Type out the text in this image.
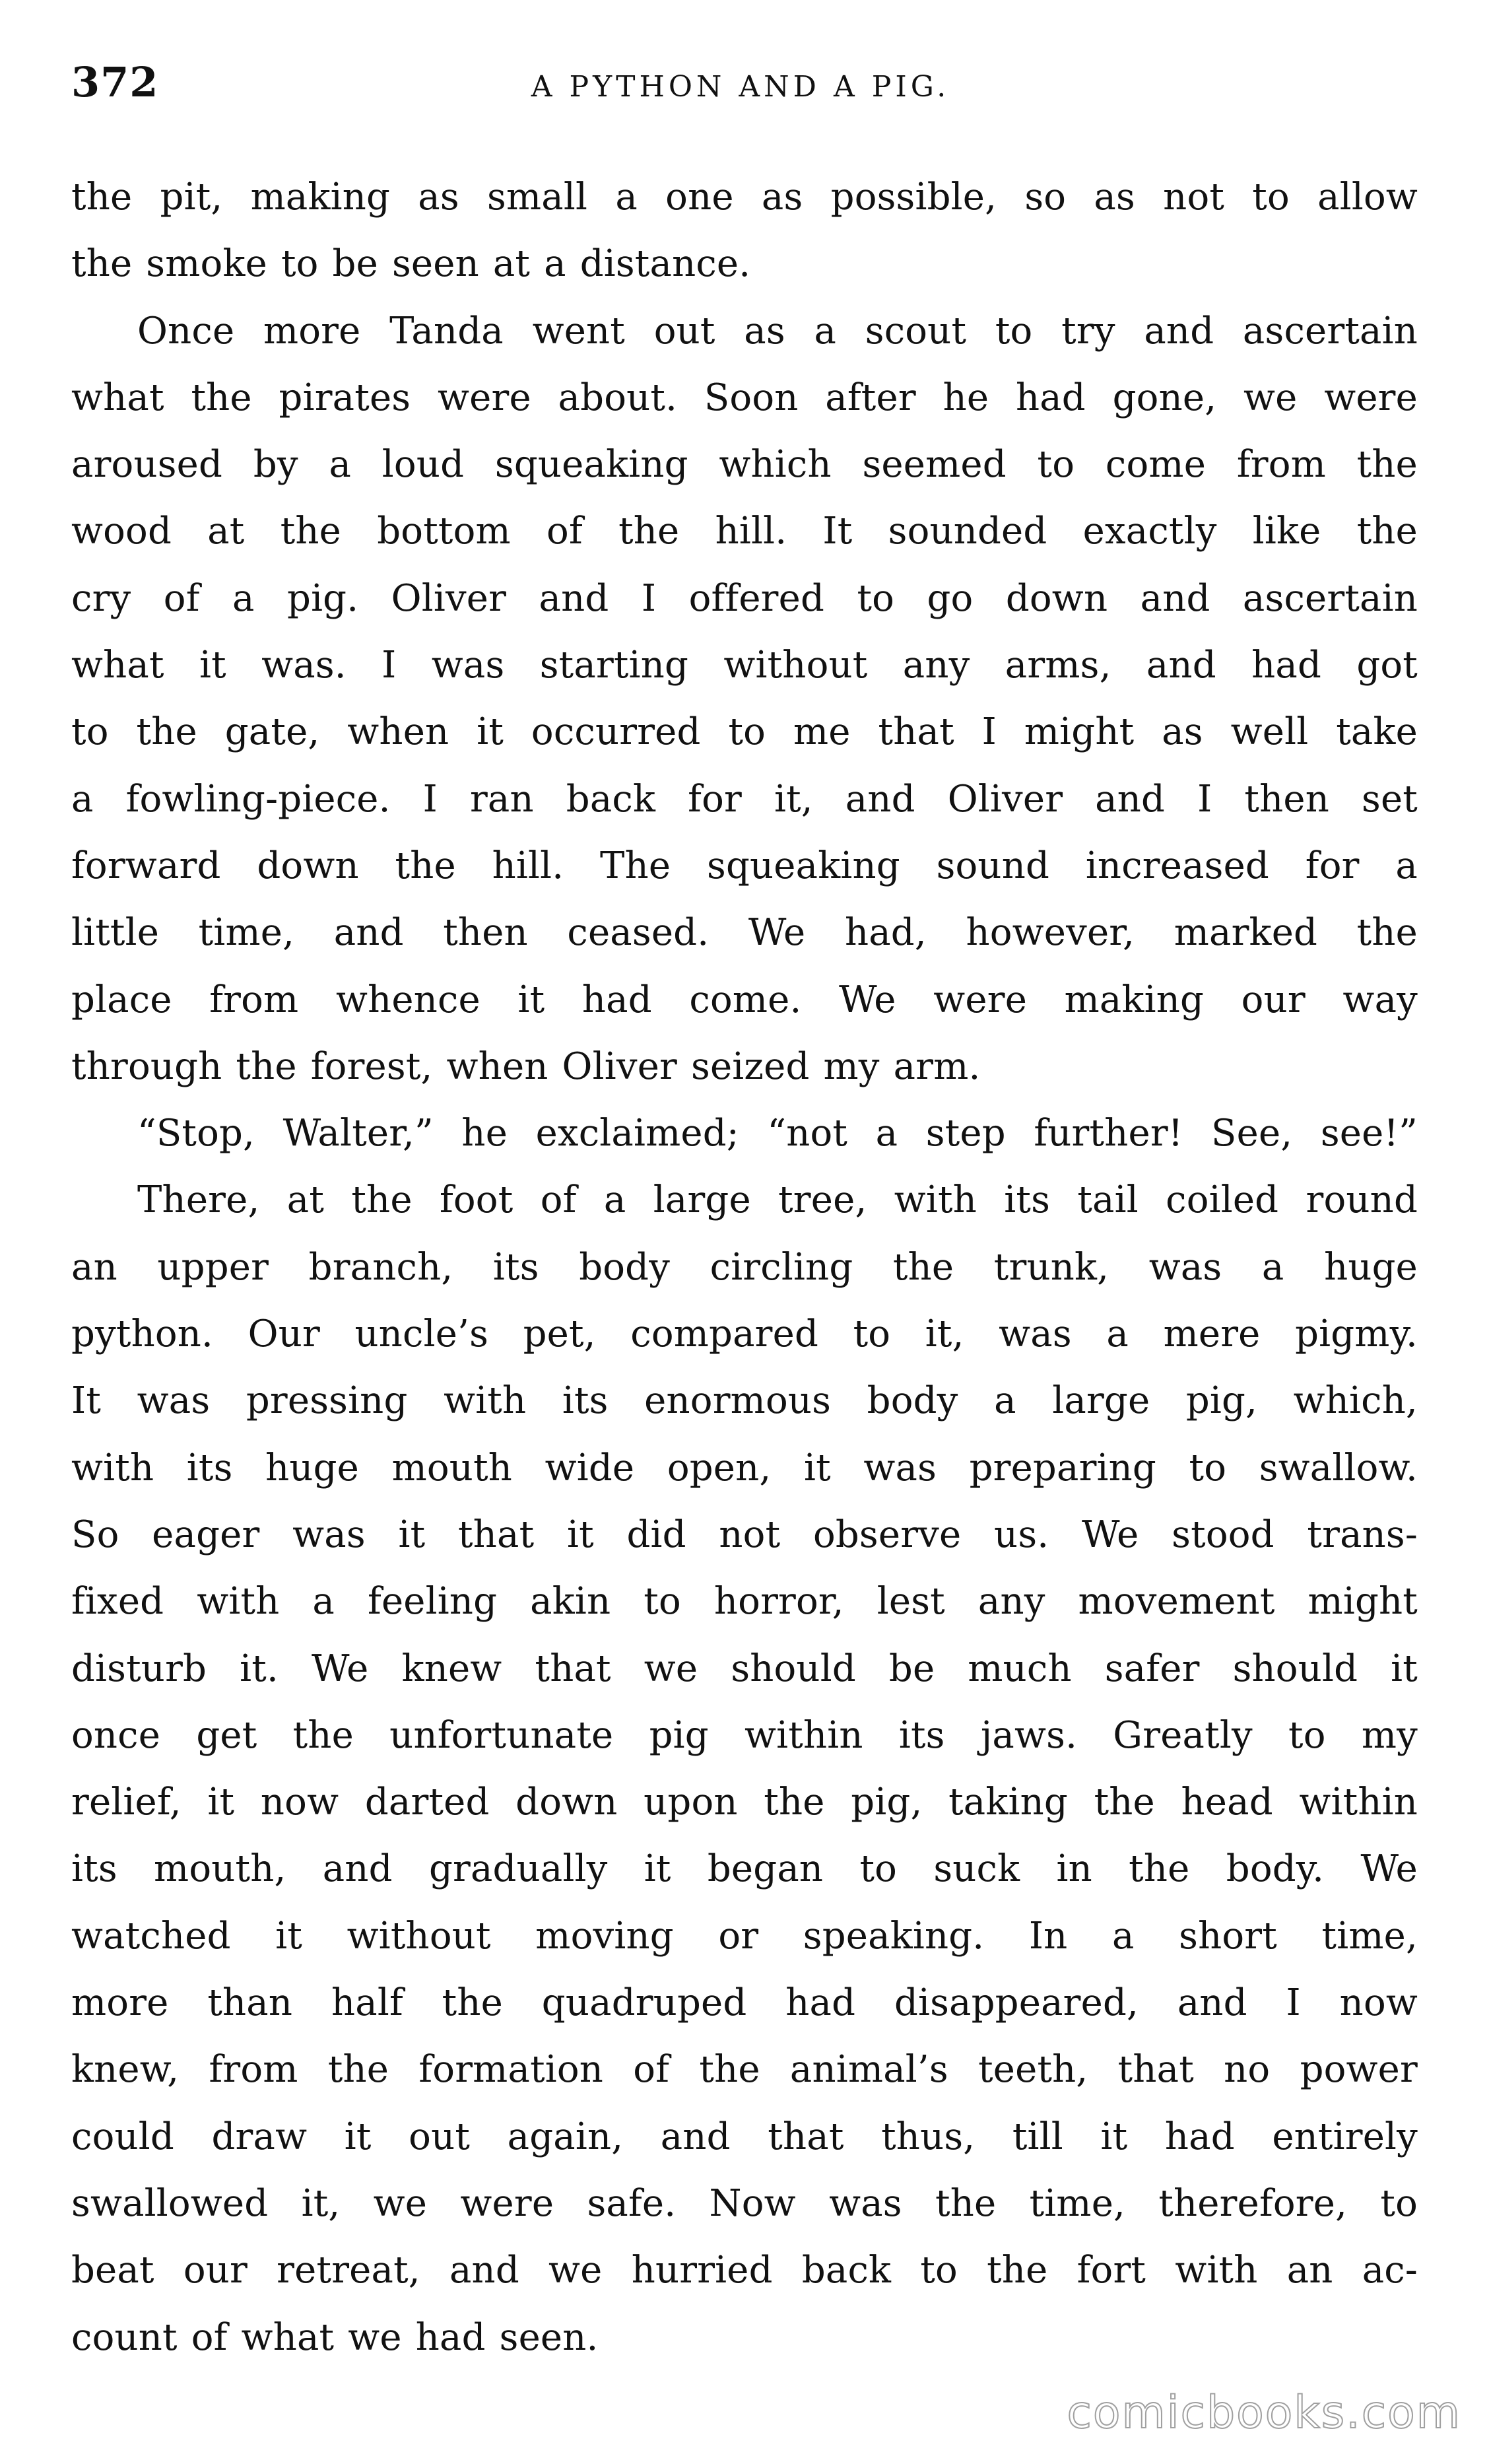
372	A PYTHON AND A PIG.
the pit, making as small a one as possible, so as not to allow
the smoke to be seen at a distance.
Once more Tanda went out as a scout to try and ascertain
what the pirates were about. Soon after he had gone, we were
aroused by a loud squeaking which seemed to come from the
wood at the bottom of the hill. It sounded exactly like the
cry of a pig. Oliver and I offered to go down and ascertain
what it was. I was starting without any arms, and had got
to the gate, when it occurred to me that I might as well take
a fowling-piece. I ran back for it, and Oliver and I then set
forward down the hill. The squeaking sound increased for a
little time, and then ceased. We had, however, marked the
place from whence it had come. We were making our way
through the forest, when Oliver seized my arm.
“Stop, Walter,” he exclaimed; “not a step further! See, see!”
There, at the foot of a large tree, with its tail coiled round
an upper branch, its body circling the trunk, was a huge
python. Our uncle’s pet, compared to it, was a mere pigmy.
It was pressing with its enormous body a large pig, which,
with its huge mouth wide open, it was preparing to swallow.
So eager was it that it did not observe us. We stood trans-
fixed with a feeling akin to horror, lest any movement might
disturb it. We knew that we should be much safer should it
once get the unfortunate pig within its jaws. Greatly to my
relief, it now darted down upon the pig, taking the head within
its mouth, and gradually it began to suck in the body. We
watched it without moving or speaking. In a short time,
more than half the quadruped had disappeared, and I now
knew, from the formation of the animal’s teeth, that no power
could draw it out again, and that thus, till it had entirely
swallowed it, we were safe. Now was the time, therefore, to
beat our retreat, and we hurried back to the fort with an ac-
count of what we had seen.
comicbooks.com
